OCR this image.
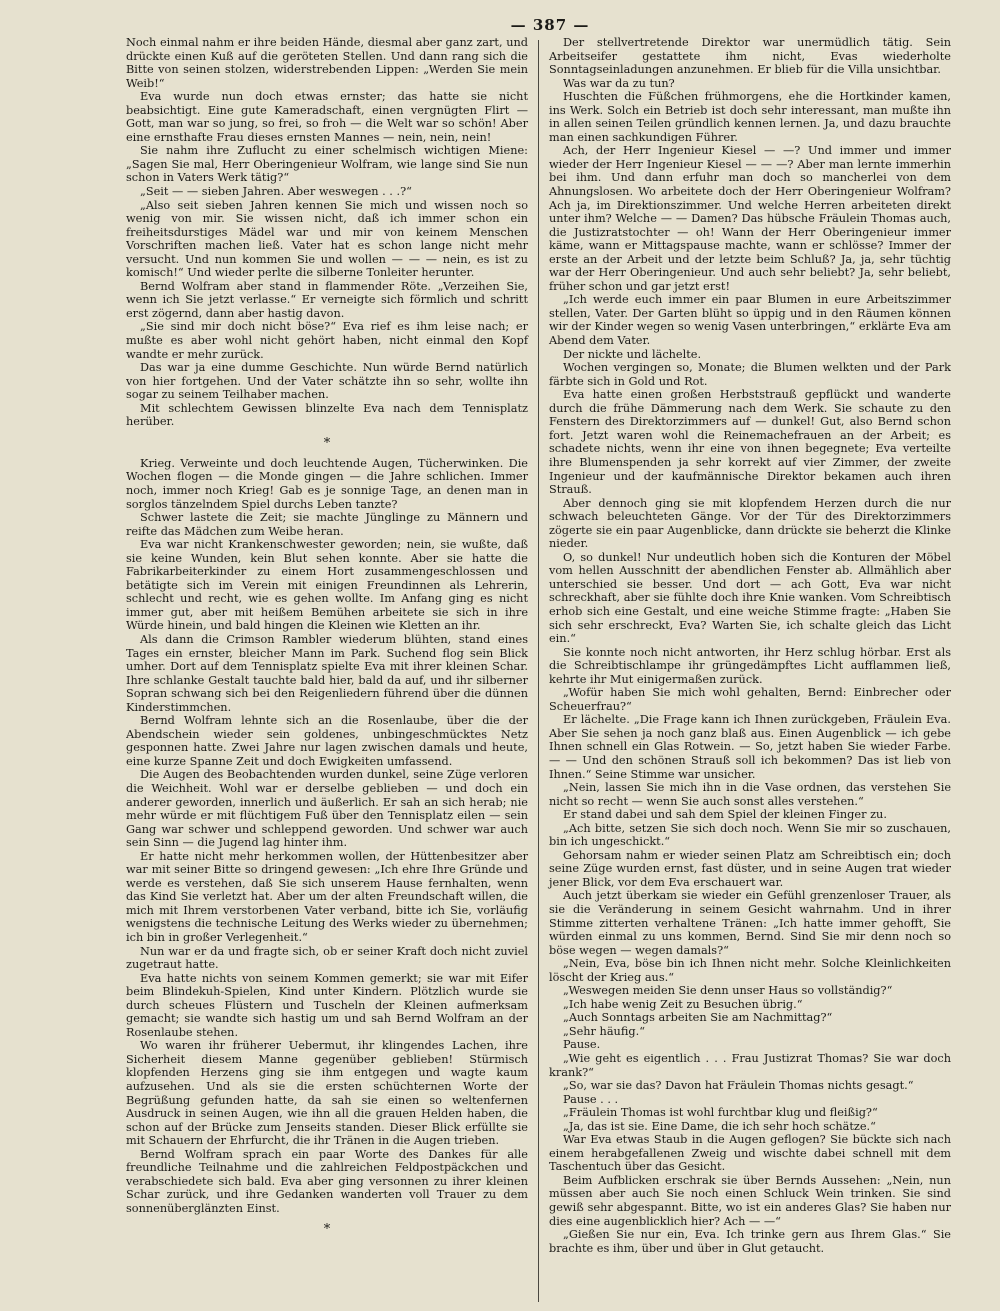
— 387 —

Noch einmal nahm er ihre beiden Hände, diesmal aber ganz zart, und drückte einen Kuß auf die geröteten Stellen. Und dann rang sich die Bitte von seinen stolzen, widerstrebenden Lippen: „Werden Sie mein Weib!“

Eva wurde nun doch etwas ernster; das hatte sie nicht beabsichtigt. Eine gute Kameradschaft, einen vergnügten Flirt — Gott, man war so jung, so frei, so froh — die Welt war so schön! Aber eine ernsthafte Frau dieses ernsten Mannes — nein, nein, nein!

Sie nahm ihre Zuflucht zu einer schelmisch wichtigen Miene: „Sagen Sie mal, Herr Oberingenieur Wolfram, wie lange sind Sie nun schon in Vaters Werk tätig?“

„Seit — — sieben Jahren. Aber weswegen . . .?“

„Also seit sieben Jahren kennen Sie mich und wissen noch so wenig von mir. Sie wissen nicht, daß ich immer schon ein freiheitsdurstiges Mädel war und mir von keinem Menschen Vorschriften machen ließ. Vater hat es schon lange nicht mehr versucht. Und nun kommen Sie und wollen — — — nein, es ist zu komisch!“ Und wieder perlte die silberne Tonleiter herunter.

Bernd Wolfram aber stand in flammender Röte. „Verzeihen Sie, wenn ich Sie jetzt verlasse.“ Er verneigte sich förmlich und schritt erst zögernd, dann aber hastig davon.

„Sie sind mir doch nicht böse?“ Eva rief es ihm leise nach; er mußte es aber wohl nicht gehört haben, nicht einmal den Kopf wandte er mehr zurück.

Das war ja eine dumme Geschichte. Nun würde Bernd natürlich von hier fortgehen. Und der Vater schätzte ihn so sehr, wollte ihn sogar zu seinem Teilhaber machen.

Mit schlechtem Gewissen blinzelte Eva nach dem Tennisplatz herüber.

*

Krieg. Verweinte und doch leuchtende Augen, Tücherwinken. Die Wochen flogen — die Monde gingen — die Jahre schlichen. Immer noch, immer noch Krieg! Gab es je sonnige Tage, an denen man in sorglos tänzelndem Spiel durchs Leben tanzte?

Schwer lastete die Zeit; sie machte Jünglinge zu Männern und reifte das Mädchen zum Weibe heran.

Eva war nicht Krankenschwester geworden; nein, sie wußte, daß sie keine Wunden, kein Blut sehen konnte. Aber sie hatte die Fabrikarbeiterkinder zu einem Hort zusammengeschlossen und betätigte sich im Verein mit einigen Freundinnen als Lehrerin, schlecht und recht, wie es gehen wollte. Im Anfang ging es nicht immer gut, aber mit heißem Bemühen arbeitete sie sich in ihre Würde hinein, und bald hingen die Kleinen wie Kletten an ihr.

Als dann die Crimson Rambler wiederum blühten, stand eines Tages ein ernster, bleicher Mann im Park. Suchend flog sein Blick umher. Dort auf dem Tennisplatz spielte Eva mit ihrer kleinen Schar. Ihre schlanke Gestalt tauchte bald hier, bald da auf, und ihr silberner Sopran schwang sich bei den Reigenliedern führend über die dünnen Kinderstimmchen.

Bernd Wolfram lehnte sich an die Rosenlaube, über die der Abendschein wieder sein goldenes, unbingeschmücktes Netz gesponnen hatte. Zwei Jahre nur lagen zwischen damals und heute, eine kurze Spanne Zeit und doch Ewigkeiten umfassend.

Die Augen des Beobachtenden wurden dunkel, seine Züge verloren die Weichheit. Wohl war er derselbe geblieben — und doch ein anderer geworden, innerlich und äußerlich. Er sah an sich herab; nie mehr würde er mit flüchtigem Fuß über den Tennisplatz eilen — sein Gang war schwer und schleppend geworden. Und schwer war auch sein Sinn — die Jugend lag hinter ihm.

Er hatte nicht mehr herkommen wollen, der Hüttenbesitzer aber war mit seiner Bitte so dringend gewesen: „Ich ehre Ihre Gründe und werde es verstehen, daß Sie sich unserem Hause fernhalten, wenn das Kind Sie verletzt hat. Aber um der alten Freundschaft willen, die mich mit Ihrem verstorbenen Vater verband, bitte ich Sie, vorläufig wenigstens die technische Leitung des Werks wieder zu übernehmen; ich bin in großer Verlegenheit.“

Nun war er da und fragte sich, ob er seiner Kraft doch nicht zuviel zugetraut hatte.

Eva hatte nichts von seinem Kommen gemerkt; sie war mit Eifer beim Blindekuh-Spielen, Kind unter Kindern. Plötzlich wurde sie durch scheues Flüstern und Tuscheln der Kleinen aufmerksam gemacht; sie wandte sich hastig um und sah Bernd Wolfram an der Rosenlaube stehen.

Wo waren ihr früherer Uebermut, ihr klingendes Lachen, ihre Sicherheit diesem Manne gegenüber geblieben! Stürmisch klopfenden Herzens ging sie ihm entgegen und wagte kaum aufzusehen. Und als sie die ersten schüchternen Worte der Begrüßung gefunden hatte, da sah sie einen so weltenfernen Ausdruck in seinen Augen, wie ihn all die grauen Helden haben, die schon auf der Brücke zum Jenseits standen. Dieser Blick erfüllte sie mit Schauern der Ehrfurcht, die ihr Tränen in die Augen trieben.

Bernd Wolfram sprach ein paar Worte des Dankes für alle freundliche Teilnahme und die zahlreichen Feldpostpäckchen und verabschiedete sich bald. Eva aber ging versonnen zu ihrer kleinen Schar zurück, und ihre Gedanken wanderten voll Trauer zu dem sonnenüberglänzten Einst.

*

Der stellvertretende Direktor war unermüdlich tätig. Sein Arbeitseifer gestattete ihm nicht, Evas wiederholte Sonntagseinladungen anzunehmen. Er blieb für die Villa unsichtbar.

Was war da zu tun?

Huschten die Füßchen frühmorgens, ehe die Hortkinder kamen, ins Werk. Solch ein Betrieb ist doch sehr interessant, man mußte ihn in allen seinen Teilen gründlich kennen lernen. Ja, und dazu brauchte man einen sachkundigen Führer.

Ach, der Herr Ingenieur Kiesel — —? Und immer und immer wieder der Herr Ingenieur Kiesel — — —? Aber man lernte immerhin bei ihm. Und dann erfuhr man doch so mancherlei von dem Ahnungslosen. Wo arbeitete doch der Herr Oberingenieur Wolfram? Ach ja, im Direktionszimmer. Und welche Herren arbeiteten direkt unter ihm? Welche — — Damen? Das hübsche Fräulein Thomas auch, die Justizratstochter — oh! Wann der Herr Oberingenieur immer käme, wann er Mittagspause machte, wann er schlösse? Immer der erste an der Arbeit und der letzte beim Schluß? Ja, ja, sehr tüchtig war der Herr Oberingenieur. Und auch sehr beliebt? Ja, sehr beliebt, früher schon und gar jetzt erst!

„Ich werde euch immer ein paar Blumen in eure Arbeitszimmer stellen, Vater. Der Garten blüht so üppig und in den Räumen können wir der Kinder wegen so wenig Vasen unterbringen,“ erklärte Eva am Abend dem Vater.

Der nickte und lächelte.

Wochen vergingen so, Monate; die Blumen welkten und der Park färbte sich in Gold und Rot.

Eva hatte einen großen Herbststrauß gepflückt und wanderte durch die frühe Dämmerung nach dem Werk. Sie schaute zu den Fenstern des Direktorzimmers auf — dunkel! Gut, also Bernd schon fort. Jetzt waren wohl die Reinemachefrauen an der Arbeit; es schadete nichts, wenn ihr eine von ihnen begegnete; Eva verteilte ihre Blumenspenden ja sehr korrekt auf vier Zimmer, der zweite Ingenieur und der kaufmännische Direktor bekamen auch ihren Strauß.

Aber dennoch ging sie mit klopfendem Herzen durch die nur schwach beleuchteten Gänge. Vor der Tür des Direktorzimmers zögerte sie ein paar Augenblicke, dann drückte sie beherzt die Klinke nieder.

O, so dunkel! Nur undeutlich hoben sich die Konturen der Möbel vom hellen Ausschnitt der abendlichen Fenster ab. Allmählich aber unterschied sie besser. Und dort — ach Gott, Eva war nicht schreckhaft, aber sie fühlte doch ihre Knie wanken. Vom Schreibtisch erhob sich eine Gestalt, und eine weiche Stimme fragte: „Haben Sie sich sehr erschreckt, Eva? Warten Sie, ich schalte gleich das Licht ein.“

Sie konnte noch nicht antworten, ihr Herz schlug hörbar. Erst als die Schreibtischlampe ihr grüngedämpftes Licht aufflammen ließ, kehrte ihr Mut einigermaßen zurück.

„Wofür haben Sie mich wohl gehalten, Bernd: Einbrecher oder Scheuerfrau?“

Er lächelte. „Die Frage kann ich Ihnen zurückgeben, Fräulein Eva. Aber Sie sehen ja noch ganz blaß aus. Einen Augenblick — ich gebe Ihnen schnell ein Glas Rotwein. — So, jetzt haben Sie wieder Farbe. — — Und den schönen Strauß soll ich bekommen? Das ist lieb von Ihnen.“ Seine Stimme war unsicher.

„Nein, lassen Sie mich ihn in die Vase ordnen, das verstehen Sie nicht so recht — wenn Sie auch sonst alles verstehen.“

Er stand dabei und sah dem Spiel der kleinen Finger zu.

„Ach bitte, setzen Sie sich doch noch. Wenn Sie mir so zuschauen, bin ich ungeschickt.“

Gehorsam nahm er wieder seinen Platz am Schreibtisch ein; doch seine Züge wurden ernst, fast düster, und in seine Augen trat wieder jener Blick, vor dem Eva erschauert war.

Auch jetzt überkam sie wieder ein Gefühl grenzenloser Trauer, als sie die Veränderung in seinem Gesicht wahrnahm. Und in ihrer Stimme zitterten verhaltene Tränen: „Ich hatte immer gehofft, Sie würden einmal zu uns kommen, Bernd. Sind Sie mir denn noch so böse wegen — wegen damals?“

„Nein, Eva, böse bin ich Ihnen nicht mehr. Solche Kleinlichkeiten löscht der Krieg aus.“

„Weswegen meiden Sie denn unser Haus so vollständig?“

„Ich habe wenig Zeit zu Besuchen übrig.“

„Auch Sonntags arbeiten Sie am Nachmittag?“

„Sehr häufig.“

Pause.

„Wie geht es eigentlich . . . Frau Justizrat Thomas? Sie war doch krank?“

„So, war sie das? Davon hat Fräulein Thomas nichts gesagt.“

Pause . . .

„Fräulein Thomas ist wohl furchtbar klug und fleißig?“

„Ja, das ist sie. Eine Dame, die ich sehr hoch schätze.“

War Eva etwas Staub in die Augen geflogen? Sie bückte sich nach einem herabgefallenen Zweig und wischte dabei schnell mit dem Taschentuch über das Gesicht.

Beim Aufblicken erschrak sie über Bernds Aussehen: „Nein, nun müssen aber auch Sie noch einen Schluck Wein trinken. Sie sind gewiß sehr abgespannt. Bitte, wo ist ein anderes Glas? Sie haben nur dies eine augenblicklich hier? Ach — —“

„Gießen Sie nur ein, Eva. Ich trinke gern aus Ihrem Glas.“ Sie brachte es ihm, über und über in Glut getaucht.
